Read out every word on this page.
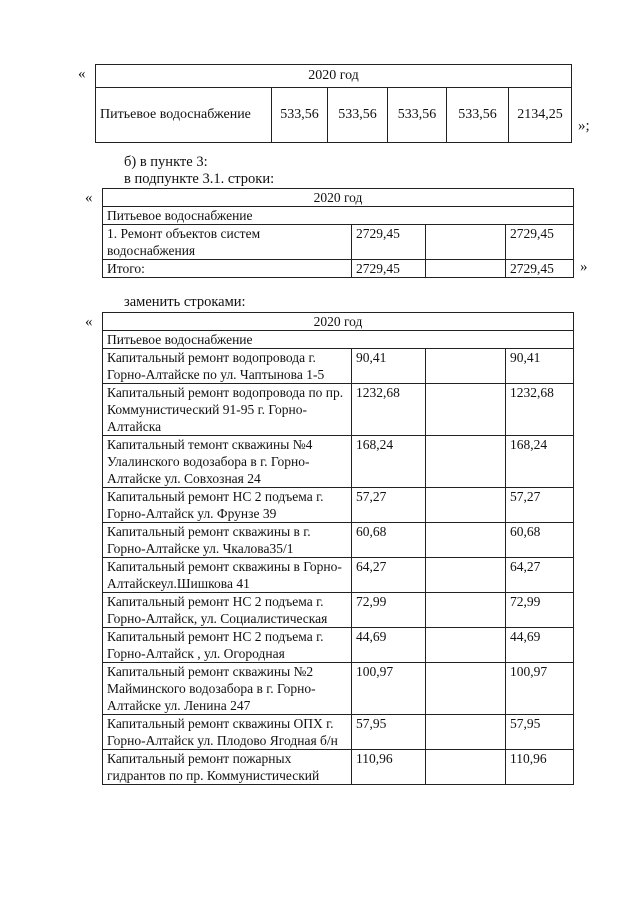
«	2020 год
Питьевое водоснабжение	533,56	533,56	533,56	533,56	2134,25
»;
б) в пункте 3:
в подпункте 3.1. строки:
«	2020 год			
Питьевое водоснабжение			
1. Ремонт объектов систем водоснабжения	2729,45		2729,45
Итого:	2729,45		2729,45 »
заменить строками:
«	2020 год			
Питьевое водоснабжение			
Капитальный ремонт водопровода г. Горно-Алтайске по ул. Чаптынова 1-5	90,41		90,41
Капитальный ремонт водопровода по пр. Коммунистический 91-95 г. Горно-Алтайска	1232,68		1232,68
Капитальный темонт скважины №4 Улалинского водозабора в г. Горно-Алтайске ул. Совхозная 24	168,24		168,24
Капитальный ремонт НС 2 подъема г. Горно-Алтайск ул. Фрунзе 39	57,27		57,27
Капитальный ремонт скважины в г. Горно-Алтайске ул. Чкалова35/1	60,68		60,68
Капитальный ремонт скважины в Горно-Алтайскеул.Шишкова 41	64,27		64,27
Капитальный ремонт НС 2 подъема г. Горно-Алтайск, ул. Социалистическая	72,99		72,99
Капитальный ремонт НС 2 подъема г. Горно-Алтайск , ул. Огородная	44,69		44,69
Капитальный ремонт скважины №2 Майминского водозабора в г. Горно-Алтайске ул. Ленина 247	100,97		100,97
Капитальный ремонт скважины ОПХ г. Горно-Алтайск ул. Плодово Ягодная б/н	57,95		57,95
Капитальный ремонт пожарных гидрантов по пр. Коммунистический	110,96		110,96
